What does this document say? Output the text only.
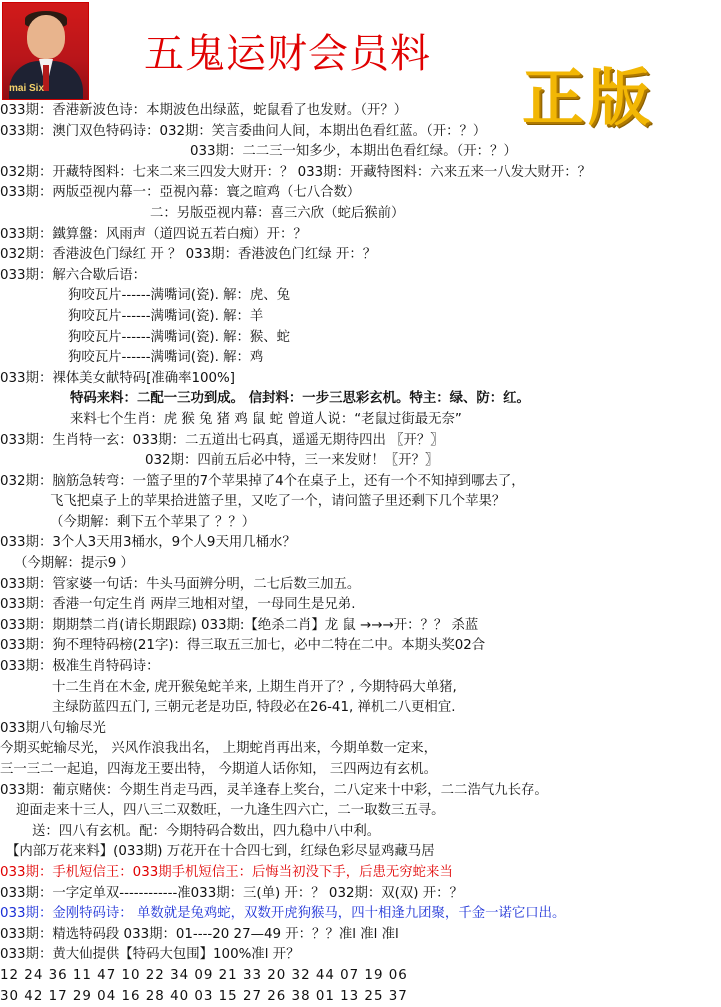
mai Six
五鬼运财会员料
正版
033期：香港新波色诗：本期波色出绿蓝，蛇鼠看了也发财。（开？）
033期：澳门双色特码诗：032期：笑言委曲问人间，本期出色看红蓝。（开：？）
033期：二二三一知多少，本期出色看红绿。（开：？）
032期：开藏特图料：七来二来三四发大财开：？ 033期：开藏特图料：六来五来一八发大财开：？
033期：两版亞视内幕一：亞視內幕：寰之暄鸡（七八合数）
二：另版亞视内幕：喜三六欣（蛇后猴前）
033期：鐵算盤：风雨声（道四说五若白痴）开：？
032期：香港波色门绿红 开 ？ 033期：香港波色门红绿 开：？
033期：解六合歇后语：
狗咬瓦片------满嘴词(瓷). 解：虎、兔
狗咬瓦片------满嘴词(瓷). 解：羊
狗咬瓦片------满嘴词(瓷). 解：猴、蛇
狗咬瓦片------满嘴词(瓷). 解：鸡
033期：裸体美女献特码[准确率100%]
特码来料：二配一三功到成。 信封料：一步三思彩玄机。特主：绿、防：红。
来料七个生肖：虎 猴 兔 猪 鸡 鼠 蛇 曾道人说：“老鼠过街最无奈”
033期：生肖特一玄：033期：二五道出七码真，遥遥无期待四出 〖开？〗
032期：四前五后必中特，三一来发财！〖开？〗
032期：脑筋急转弯：一篮子里的7个苹果掉了4个在桌子上，还有一个不知掉到哪去了，
飞飞把桌子上的苹果拾进篮子里，又吃了一个，请问篮子里还剩下几个苹果？
（今期解：剩下五个苹果了 ？？）
033期：3个人3天用3桶水，9个人9天用几桶水？
（今期解：提示9 ）
033期：管家婆一句话：牛头马面辨分明，二七后数三加五。
033期：香港一句定生肖 两岸三地相对望，一母同生是兄弟.
033期：期期禁二肖(请长期跟踪) 033期:【绝杀二肖】龙 鼠 →→→开：？？ 杀蓝
033期：狗不理特码榜(21字)：得三取五三加七，必中二特在二中。本期头奖02合
033期：极准生肖特码诗：
十二生肖在木金, 虎开猴兔蛇羊来, 上期生肖开了？, 今期特码大单猪,
主绿防蓝四五门, 三朝元老是功臣, 特段必在26-41, 禅机二八更相宜.
033期八句输尽光
今期买蛇输尽光， 兴风作浪我出名， 上期蛇肖再出来，今期单数一定来，
三一三二一起追，四海龙王要出特， 今期道人话你知， 三四两边有玄机。
033期：葡京赌侠：今期生肖走马西，灵羊逢春上奖台，二八定来十中彩，二二浩气九长存。
迎面走来十三人，四八三二双数旺，一九逢生四六亡，二一取数三五寻。
送：四八有玄机。配：今期特码合数出，四九稳中八中利。
【内部万花来料】(033期) 万花开在十合四七到，红绿色彩尽显鸡藏马居
033期：手机短信王：033期手机短信王：后悔当初没下手，后患无穷蛇来当
033期：一字定单双------------准033期：三(单) 开：？ 032期：双(双) 开：？
033期：金刚特码诗： 单数就是兔鸡蛇，双数开虎狗猴马，四十相逢九团聚，千金一诺它口出。
033期：精选特码段 033期：01----20 27—49 开：？？准l 准l 准l
033期：黄大仙提供【特码大包围】100%准l 开？
12 24 36 11 47 10 22 34 09 21 33 20 32 44 07 19 06
30 42 17 29 04 16 28 40 03 15 27 26 38 01 13 25 37
